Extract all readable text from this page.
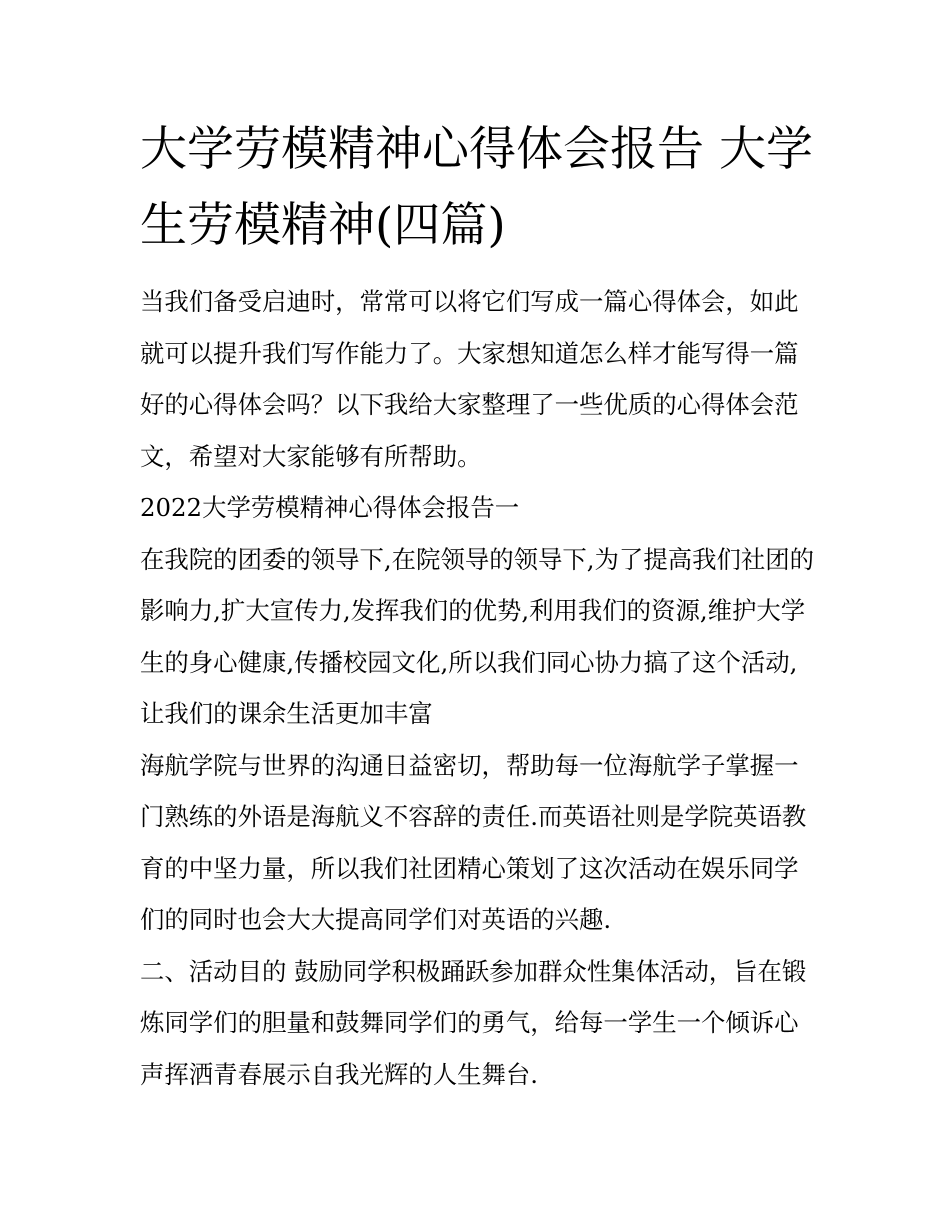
大学劳模精神心得体会报告 大学生劳模精神(四篇)

当我们备受启迪时，常常可以将它们写成一篇心得体会，如此就可以提升我们写作能力了。大家想知道怎么样才能写得一篇好的心得体会吗？以下我给大家整理了一些优质的心得体会范文，希望对大家能够有所帮助。

2022大学劳模精神心得体会报告一

在我院的团委的领导下,在院领导的领导下,为了提高我们社团的影响力,扩大宣传力,发挥我们的优势,利用我们的资源,维护大学生的身心健康,传播校园文化,所以我们同心协力搞了这个活动,让我们的课余生活更加丰富

海航学院与世界的沟通日益密切，帮助每一位海航学子掌握一门熟练的外语是海航义不容辞的责任.而英语社则是学院英语教育的中坚力量，所以我们社团精心策划了这次活动在娱乐同学们的同时也会大大提高同学们对英语的兴趣.

二、活动目的 鼓励同学积极踊跃参加群众性集体活动，旨在锻炼同学们的胆量和鼓舞同学们的勇气，给每一学生一个倾诉心声挥洒青春展示自我光辉的人生舞台.
